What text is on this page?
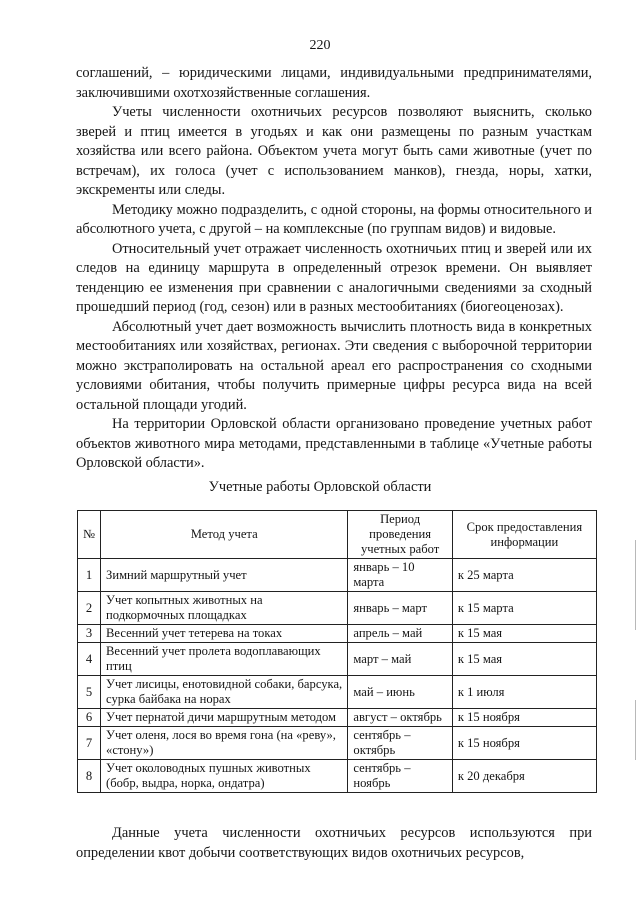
220

соглашений, – юридическими лицами, индивидуальными предпринимателями, заключившими охотхозяйственные соглашения.

Учеты численности охотничьих ресурсов позволяют выяснить, сколько зверей и птиц имеется в угодьях и как они размещены по разным участкам хозяйства или всего района. Объектом учета могут быть сами животные (учет по встречам), их голоса (учет с использованием манков), гнезда, норы, хатки, экскременты или следы.

Методику можно подразделить, с одной стороны, на формы относительного и абсолютного учета, с другой – на комплексные (по группам видов) и видовые.

Относительный учет отражает численность охотничьих птиц и зверей или их следов на единицу маршрута в определенный отрезок времени. Он выявляет тенденцию ее изменения при сравнении с аналогичными сведениями за сходный прошедший период (год, сезон) или в разных местообитаниях (биогеоценозах).

Абсолютный учет дает возможность вычислить плотность вида в конкретных местообитаниях или хозяйствах, регионах. Эти сведения с выборочной территории можно экстраполировать на остальной ареал его распространения со сходными условиями обитания, чтобы получить примерные цифры ресурса вида на всей остальной площади угодий.

На территории Орловской области организовано проведение учетных работ объектов животного мира методами, представленными в таблице «Учетные работы Орловской области».

Учетные работы Орловской области
№	Метод учета	Период проведения учетных работ	Срок предоставления информации
1	Зимний маршрутный учет	январь – 10 марта	к 25 марта
2	Учет копытных животных на подкормочных площадках	январь – март	к 15 марта
3	Весенний учет тетерева на токах	апрель – май	к 15 мая
4	Весенний учет пролета водоплавающих птиц	март – май	к 15 мая
5	Учет лисицы, енотовидной собаки, барсука, сурка байбака на норах	май – июнь	к 1 июля
6	Учет пернатой дичи маршрутным методом	август – октябрь	к 15 ноября
7	Учет оленя, лося во время гона (на «реву», «стону»)	сентябрь – октябрь	к 15 ноября
8	Учет околоводных пушных животных (бобр, выдра, норка, ондатра)	сентябрь – ноябрь	к 20 декабря

Данные учета численности охотничьих ресурсов используются при определении квот добычи соответствующих видов охотничьих ресурсов,
